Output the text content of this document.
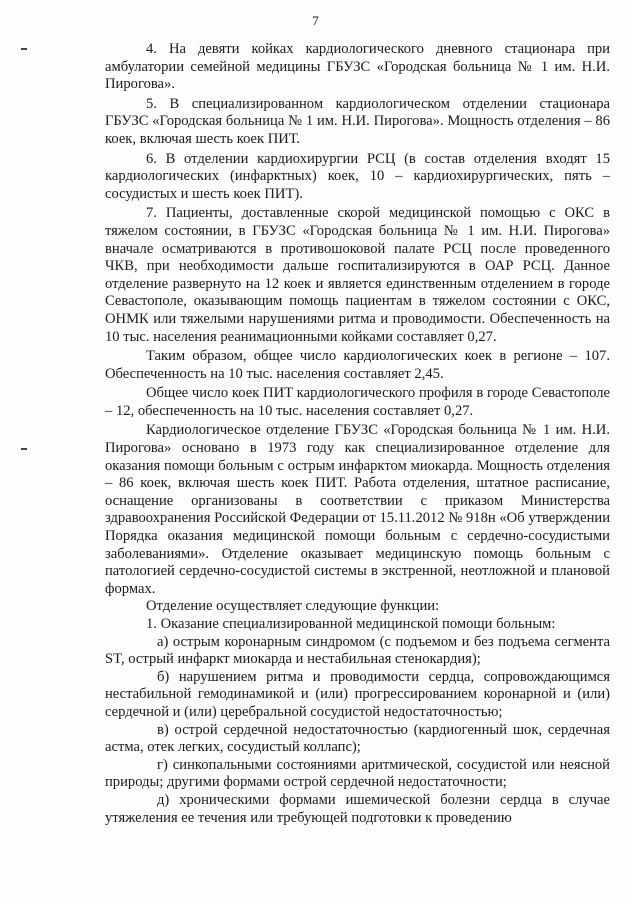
7

4. На девяти койках кардиологического дневного стационара при амбулатории семейной медицины ГБУЗС «Городская больница № 1 им. Н.И. Пирогова».

5. В специализированном кардиологическом отделении стационара ГБУЗС «Городская больница № 1 им. Н.И. Пирогова». Мощность отделения – 86 коек, включая шесть коек ПИТ.

6. В отделении кардиохирургии РСЦ (в состав отделения входят 15 кардиологических (инфарктных) коек, 10 – кардиохирургических, пять – сосудистых и шесть коек ПИТ).

7. Пациенты, доставленные скорой медицинской помощью с ОКС в тяжелом состоянии, в ГБУЗС «Городская больница № 1 им. Н.И. Пирогова» вначале осматриваются в противошоковой палате РСЦ после проведенного ЧКВ, при необходимости дальше госпитализируются в ОАР РСЦ. Данное отделение развернуто на 12 коек и является единственным отделением в городе Севастополе, оказывающим помощь пациентам в тяжелом состоянии с ОКС, ОНМК или тяжелыми нарушениями ритма и проводимости. Обеспеченность на 10 тыс. населения реанимационными койками составляет 0,27.

Таким образом, общее число кардиологических коек в регионе – 107. Обеспеченность на 10 тыс. населения составляет 2,45.

Общее число коек ПИТ кардиологического профиля в городе Севастополе – 12, обеспеченность на 10 тыс. населения составляет 0,27.

Кардиологическое отделение ГБУЗС «Городская больница № 1 им. Н.И. Пирогова» основано в 1973 году как специализированное отделение для оказания помощи больным с острым инфарктом миокарда. Мощность отделения – 86 коек, включая шесть коек ПИТ. Работа отделения, штатное расписание, оснащение организованы в соответствии с приказом Министерства здравоохранения Российской Федерации от 15.11.2012 № 918н «Об утверждении Порядка оказания медицинской помощи больным с сердечно-сосудистыми заболеваниями». Отделение оказывает медицинскую помощь больным с патологией сердечно-сосудистой системы в экстренной, неотложной и плановой формах.

Отделение осуществляет следующие функции:

1. Оказание специализированной медицинской помощи больным:

а) острым коронарным синдромом (с подъемом и без подъема сегмента ST, острый инфаркт миокарда и нестабильная стенокардия);

б) нарушением ритма и проводимости сердца, сопровождающимся нестабильной гемодинамикой и (или) прогрессированием коронарной и (или) сердечной и (или) церебральной сосудистой недостаточностью;

в) острой сердечной недостаточностью (кардиогенный шок, сердечная астма, отек легких, сосудистый коллапс);

г) синкопальными состояниями аритмической, сосудистой или неясной природы; другими формами острой сердечной недостаточности;

д) хроническими формами ишемической болезни сердца в случае утяжеления ее течения или требующей подготовки к проведению
